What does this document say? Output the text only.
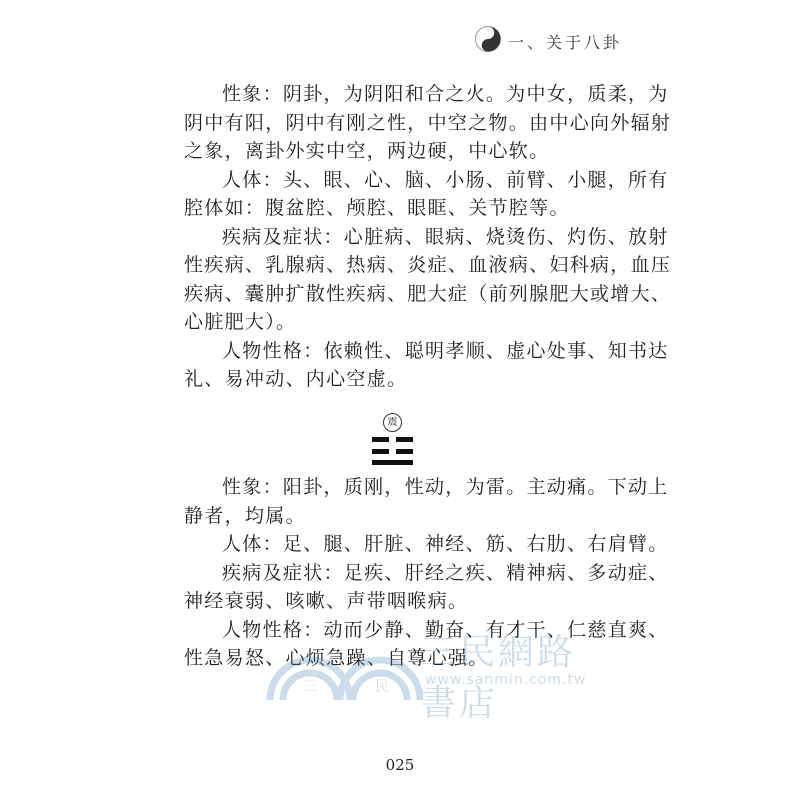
一、关于八卦
性象：阴卦，为阴阳和合之火。为中女，质柔，为
阴中有阳，阴中有刚之性，中空之物。由中心向外辐射
之象，离卦外实中空，两边硬，中心软。
人体：头、眼、心、脑、小肠、前臂、小腿，所有
腔体如：腹盆腔、颅腔、眼眶、关节腔等。
疾病及症状：心脏病、眼病、烧烫伤、灼伤、放射
性疾病、乳腺病、热病、炎症、血液病、妇科病，血压
疾病、囊肿扩散性疾病、肥大症（前列腺肥大或增大、
心脏肥大）。
人物性格：依赖性、聪明孝顺、虚心处事、知书达
礼、易冲动、内心空虚。
震
性象：阳卦，质刚，性动，为雷。主动痛。下动上
静者，均属。
人体：足、腿、肝脏、神经、筋、右肋、右肩臂。
疾病及症状：足疾、肝经之疾、精神病、多动症、
神经衰弱、咳嗽、声带咽喉病。
人物性格：动而少静、勤奋、有才干、仁慈直爽、
性急易怒、心烦急躁、自尊心强。
三	民
三民網路書店
www.sanmin.com.tw
025
